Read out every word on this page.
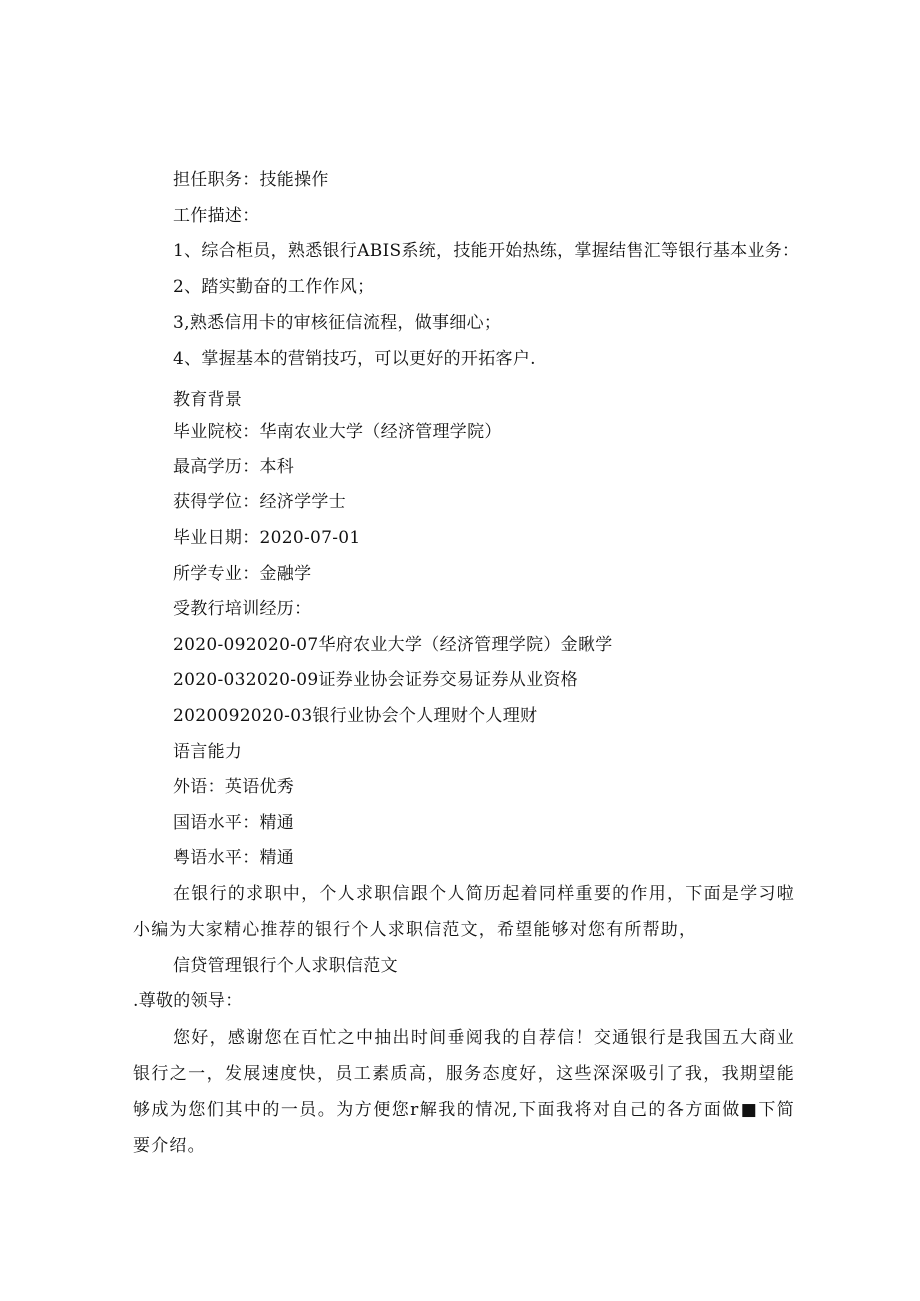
担任职务：技能操作
工作描述：
1、综合柜员，熟悉银行ABIS系统，技能开始热练，掌握结售汇等银行基本业务：
2、踏实勤奋的工作作风；
3,熟悉信用卡的审核征信流程，做事细心；
4、掌握基本的营销技巧，可以更好的开拓客户.
教育背景
毕业院校：华南农业大学（经济管理学院）
最高学历：本科
获得学位：经济学学士
毕业日期：2020-07-01
所学专业：金融学
受教行培训经历：
2020-092020-07华府农业大学（经济管理学院）金瞅学
2020-032020-09证券业协会证券交易证券从业资格
2020092020-03银行业协会个人理财个人理财
语言能力
外语：英语优秀
国语水平：精通
粤语水平：精通
在银行的求职中，个人求职信跟个人简历起着同样重要的作用，下面是学习啦小编为大家精心推荐的银行个人求职信范文，希望能够对您有所帮助，
信贷管理银行个人求职信范文
.尊敬的领导：
您好，感谢您在百忙之中抽出时间垂阅我的自荐信！交通银行是我国五大商业银行之一，发展速度快，员工素质高，服务态度好，这些深深吸引了我，我期望能够成为您们其中的一员。为方便您r解我的情况,下面我将对自己的各方面做■下简要介绍。
